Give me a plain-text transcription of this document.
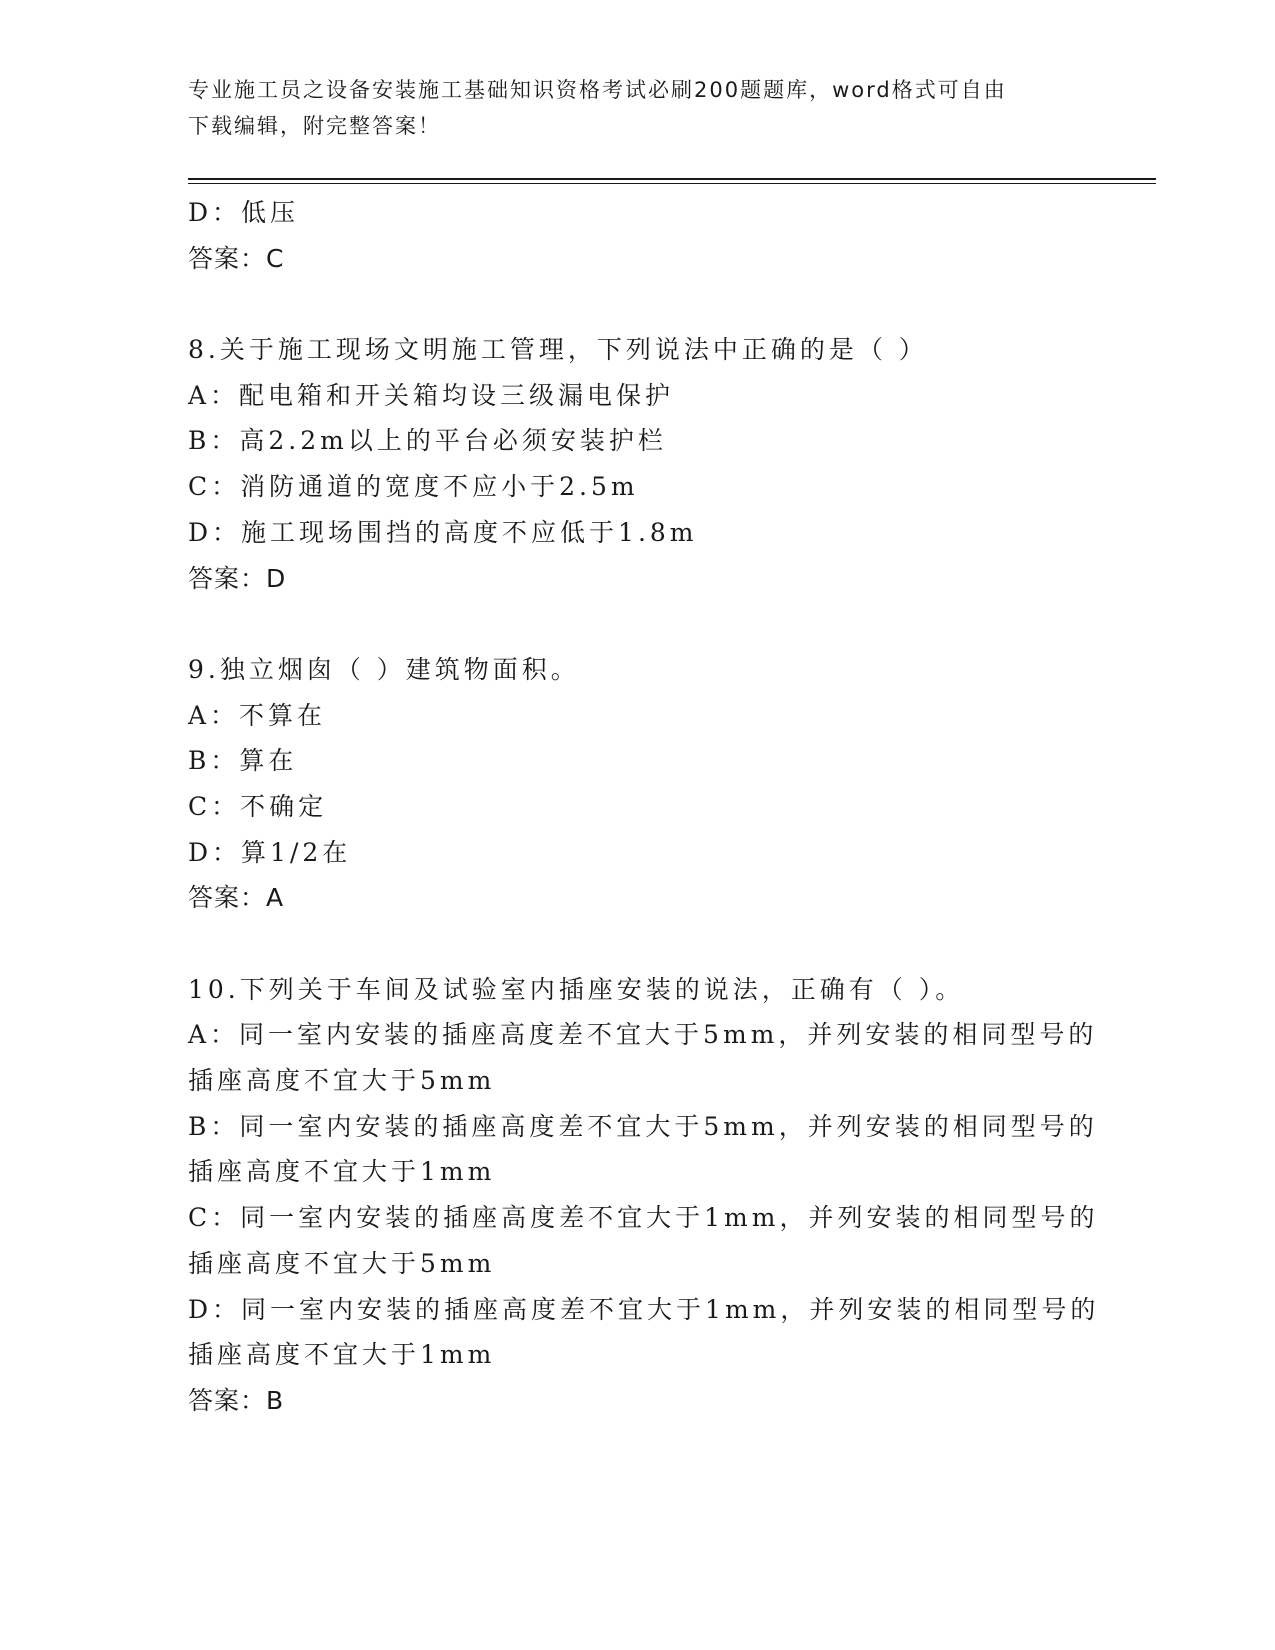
专业施工员之设备安装施工基础知识资格考试必刷200题题库，word格式可自由
下载编辑，附完整答案！
D：低压
答案：C
8.关于施工现场文明施工管理，下列说法中正确的是（ ）
A：配电箱和开关箱均设三级漏电保护
B：高2.2m以上的平台必须安装护栏
C：消防通道的宽度不应小于2.5m
D：施工现场围挡的高度不应低于1.8m
答案：D
9.独立烟囱（ ）建筑物面积。
A：不算在
B：算在
C：不确定
D：算1/2在
答案：A
10.下列关于车间及试验室内插座安装的说法，正确有（ ）。
A：同一室内安装的插座高度差不宜大于5mm，并列安装的相同型号的
插座高度不宜大于5mm
B：同一室内安装的插座高度差不宜大于5mm，并列安装的相同型号的
插座高度不宜大于1mm
C：同一室内安装的插座高度差不宜大于1mm，并列安装的相同型号的
插座高度不宜大于5mm
D：同一室内安装的插座高度差不宜大于1mm，并列安装的相同型号的
插座高度不宜大于1mm
答案：B
